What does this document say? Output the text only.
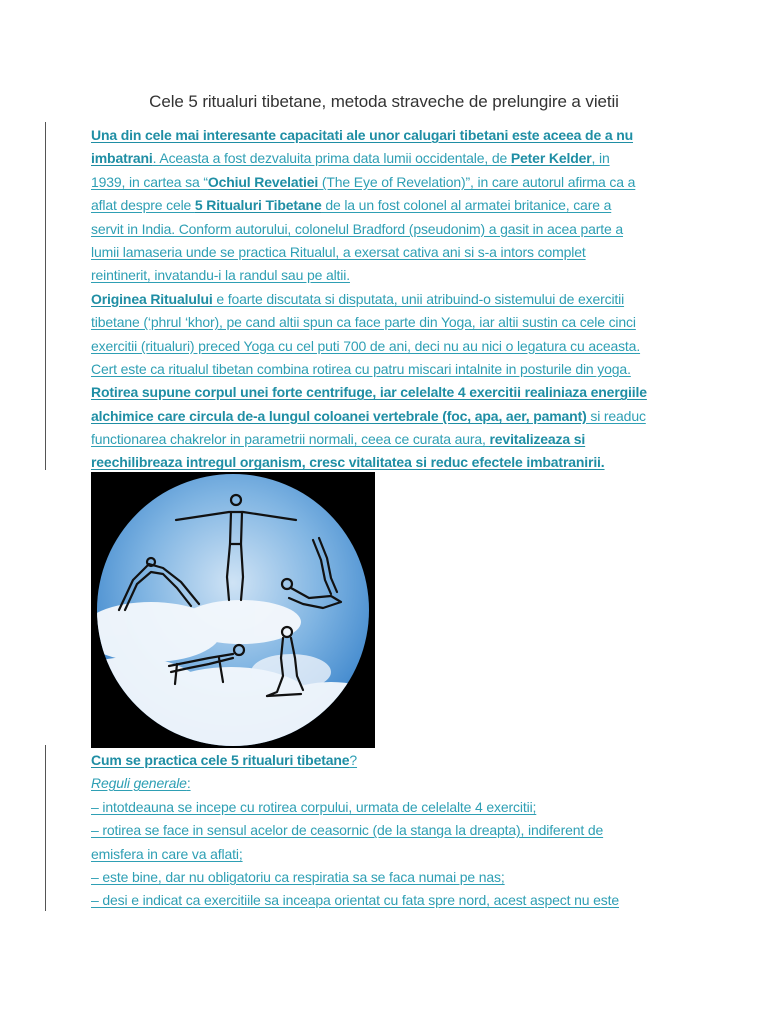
Cele 5 ritualuri tibetane, metoda straveche de prelungire a vietii
Una din cele mai interesante capacitati ale unor calugari tibetani este aceea de a nu
imbatrani. Aceasta a fost dezvaluita prima data lumii occidentale, de Peter Kelder, in
1939, in cartea sa “Ochiul Revelatiei (The Eye of Revelation)”, in care autorul afirma ca a
aflat despre cele 5 Ritualuri Tibetane de la un fost colonel al armatei britanice, care a
servit in India. Conform autorului, colonelul Bradford (pseudonim) a gasit in acea parte a
lumii lamaseria unde se practica Ritualul, a exersat cativa ani si s-a intors complet
reintinerit, invatandu-i la randul sau pe altii.
Originea Ritualului e foarte discutata si disputata, unii atribuind-o sistemului de exercitii
tibetane (‘phrul ‘khor), pe cand altii spun ca face parte din Yoga, iar altii sustin ca cele cinci
exercitii (ritualuri) preced Yoga cu cel puti 700 de ani, deci nu au nici o legatura cu aceasta.
Cert este ca ritualul tibetan combina rotirea cu patru miscari intalnite in posturile din yoga.
Rotirea supune corpul unei forte centrifuge, iar celelalte 4 exercitii realiniaza energiile
alchimice care circula de-a lungul coloanei vertebrale (foc, apa, aer, pamant) si readuc
functionarea chakrelor in parametrii normali, ceea ce curata aura, revitalizeaza si
reechilibreaza intregul organism, cresc vitalitatea si reduc efectele imbatranirii.
Cum se practica cele 5 ritualuri tibetane?
Reguli generale:
– intotdeauna se incepe cu rotirea corpului, urmata de celelalte 4 exercitii;
– rotirea se face in sensul acelor de ceasornic (de la stanga la dreapta), indiferent de
emisfera in care va aflati;
– este bine, dar nu obligatoriu ca respiratia sa se faca numai pe nas;
– desi e indicat ca exercitiile sa inceapa orientat cu fata spre nord, acest aspect nu este
